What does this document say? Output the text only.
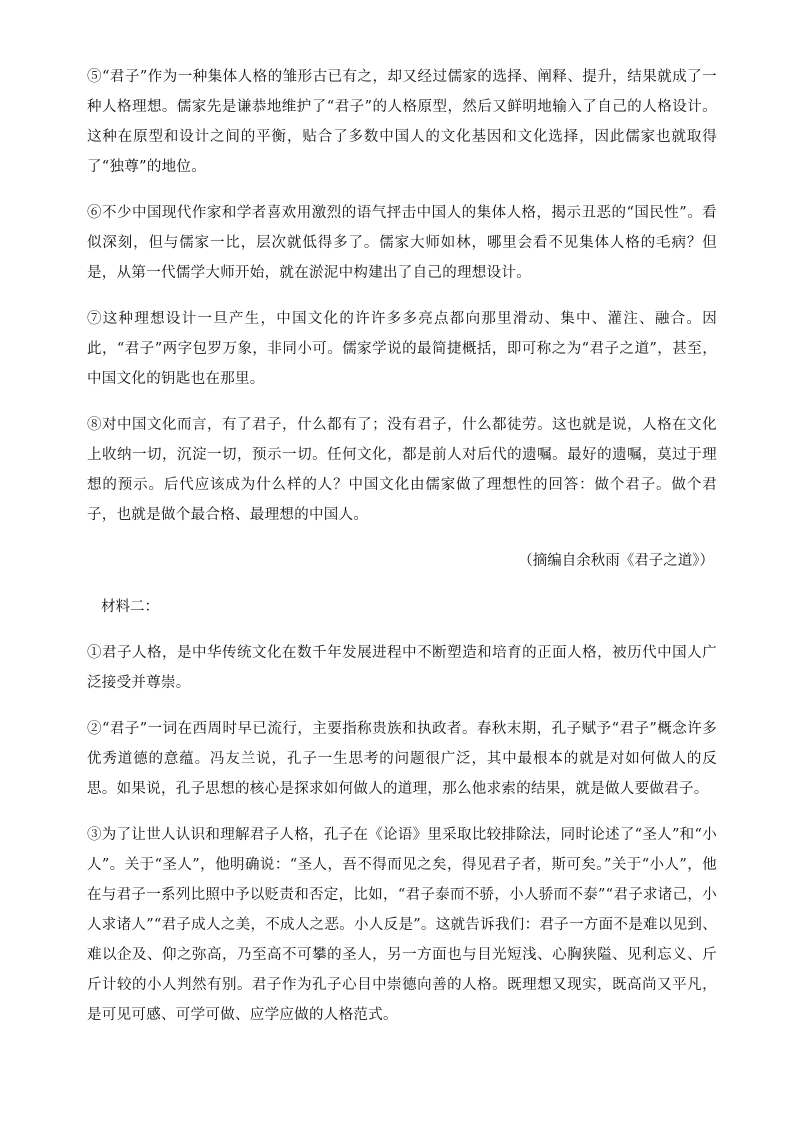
⑤“君子”作为一种集体人格的雏形古已有之，却又经过儒家的选择、阐释、提升，结果就成了一种人格理想。儒家先是谦恭地维护了“君子”的人格原型，然后又鲜明地输入了自己的人格设计。这种在原型和设计之间的平衡，贴合了多数中国人的文化基因和文化选择，因此儒家也就取得了“独尊”的地位。

⑥不少中国现代作家和学者喜欢用激烈的语气抨击中国人的集体人格，揭示丑恶的“国民性”。看似深刻，但与儒家一比，层次就低得多了。儒家大师如林，哪里会看不见集体人格的毛病？但是，从第一代儒学大师开始，就在淤泥中构建出了自己的理想设计。

⑦这种理想设计一旦产生，中国文化的许许多多亮点都向那里滑动、集中、灌注、融合。因此，“君子”两字包罗万象，非同小可。儒家学说的最简捷概括，即可称之为“君子之道”，甚至，中国文化的钥匙也在那里。

⑧对中国文化而言，有了君子，什么都有了；没有君子，什么都徒劳。这也就是说，人格在文化上收纳一切，沉淀一切，预示一切。任何文化，都是前人对后代的遗嘱。最好的遗嘱，莫过于理想的预示。后代应该成为什么样的人？中国文化由儒家做了理想性的回答：做个君子。做个君子，也就是做个最合格、最理想的中国人。

（摘编自余秋雨《君子之道》）

材料二：

①君子人格，是中华传统文化在数千年发展进程中不断塑造和培育的正面人格，被历代中国人广泛接受并尊崇。

②“君子”一词在西周时早已流行，主要指称贵族和执政者。春秋末期，孔子赋予“君子”概念许多优秀道德的意蕴。冯友兰说，孔子一生思考的问题很广泛，其中最根本的就是对如何做人的反思。如果说，孔子思想的核心是探求如何做人的道理，那么他求索的结果，就是做人要做君子。

③为了让世人认识和理解君子人格，孔子在《论语》里采取比较排除法，同时论述了“圣人”和“小人”。关于“圣人”，他明确说：“圣人，吾不得而见之矣，得见君子者，斯可矣。”关于“小人”，他在与君子一系列比照中予以贬责和否定，比如，“君子泰而不骄，小人骄而不泰”“君子求诸己，小人求诸人”“君子成人之美，不成人之恶。小人反是”。这就告诉我们：君子一方面不是难以见到、难以企及、仰之弥高，乃至高不可攀的圣人，另一方面也与目光短浅、心胸狭隘、见利忘义、斤斤计较的小人判然有别。君子作为孔子心目中崇德向善的人格。既理想又现实，既高尚又平凡，是可见可感、可学可做、应学应做的人格范式。
